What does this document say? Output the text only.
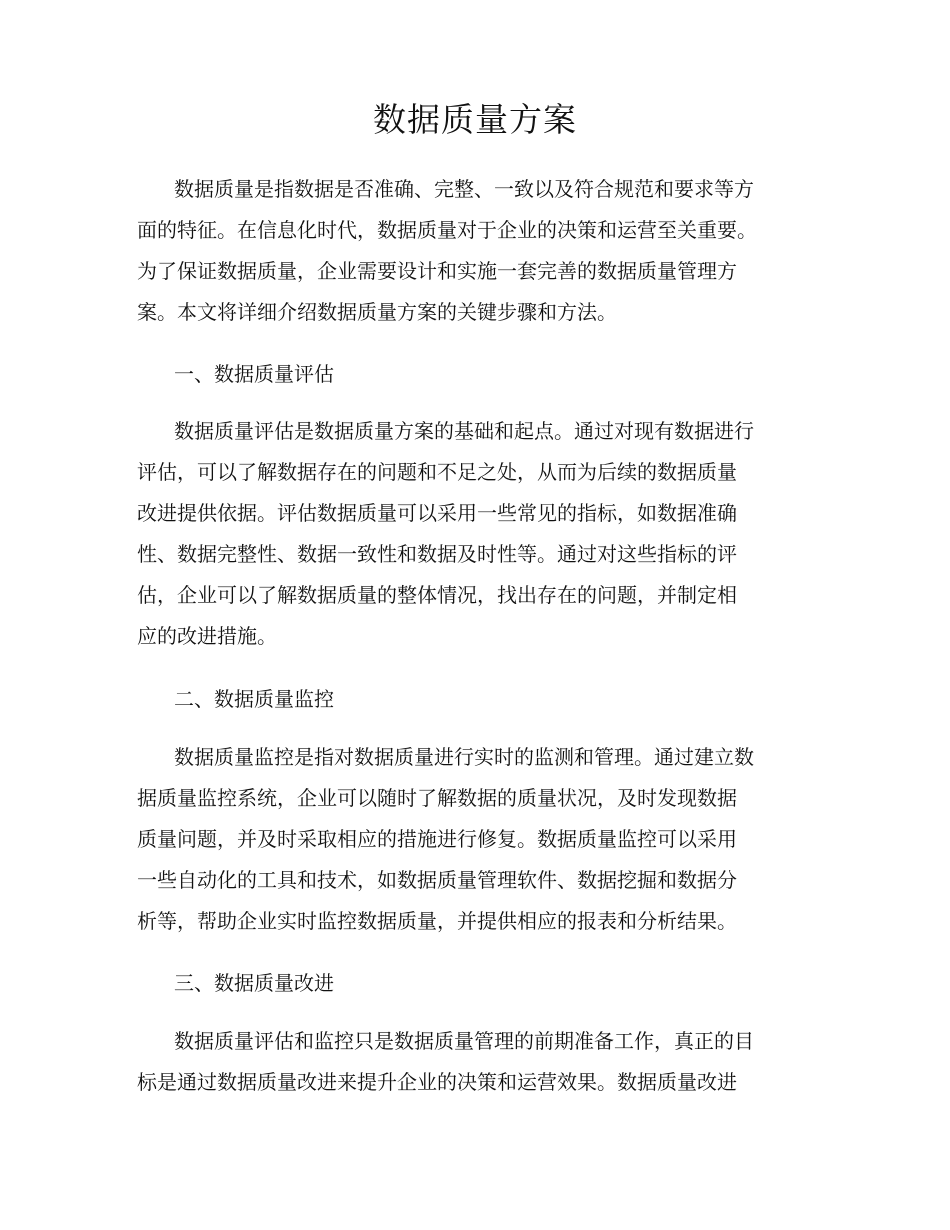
数据质量方案

数据质量是指数据是否准确、完整、一致以及符合规范和要求等方

面的特征。在信息化时代，数据质量对于企业的决策和运营至关重要。

为了保证数据质量，企业需要设计和实施一套完善的数据质量管理方

案。本文将详细介绍数据质量方案的关键步骤和方法。

一、数据质量评估

数据质量评估是数据质量方案的基础和起点。通过对现有数据进行

评估，可以了解数据存在的问题和不足之处，从而为后续的数据质量

改进提供依据。评估数据质量可以采用一些常见的指标，如数据准确

性、数据完整性、数据一致性和数据及时性等。通过对这些指标的评

估，企业可以了解数据质量的整体情况，找出存在的问题，并制定相

应的改进措施。

二、数据质量监控

数据质量监控是指对数据质量进行实时的监测和管理。通过建立数

据质量监控系统，企业可以随时了解数据的质量状况，及时发现数据

质量问题，并及时采取相应的措施进行修复。数据质量监控可以采用

一些自动化的工具和技术，如数据质量管理软件、数据挖掘和数据分

析等，帮助企业实时监控数据质量，并提供相应的报表和分析结果。

三、数据质量改进

数据质量评估和监控只是数据质量管理的前期准备工作，真正的目

标是通过数据质量改进来提升企业的决策和运营效果。数据质量改进
